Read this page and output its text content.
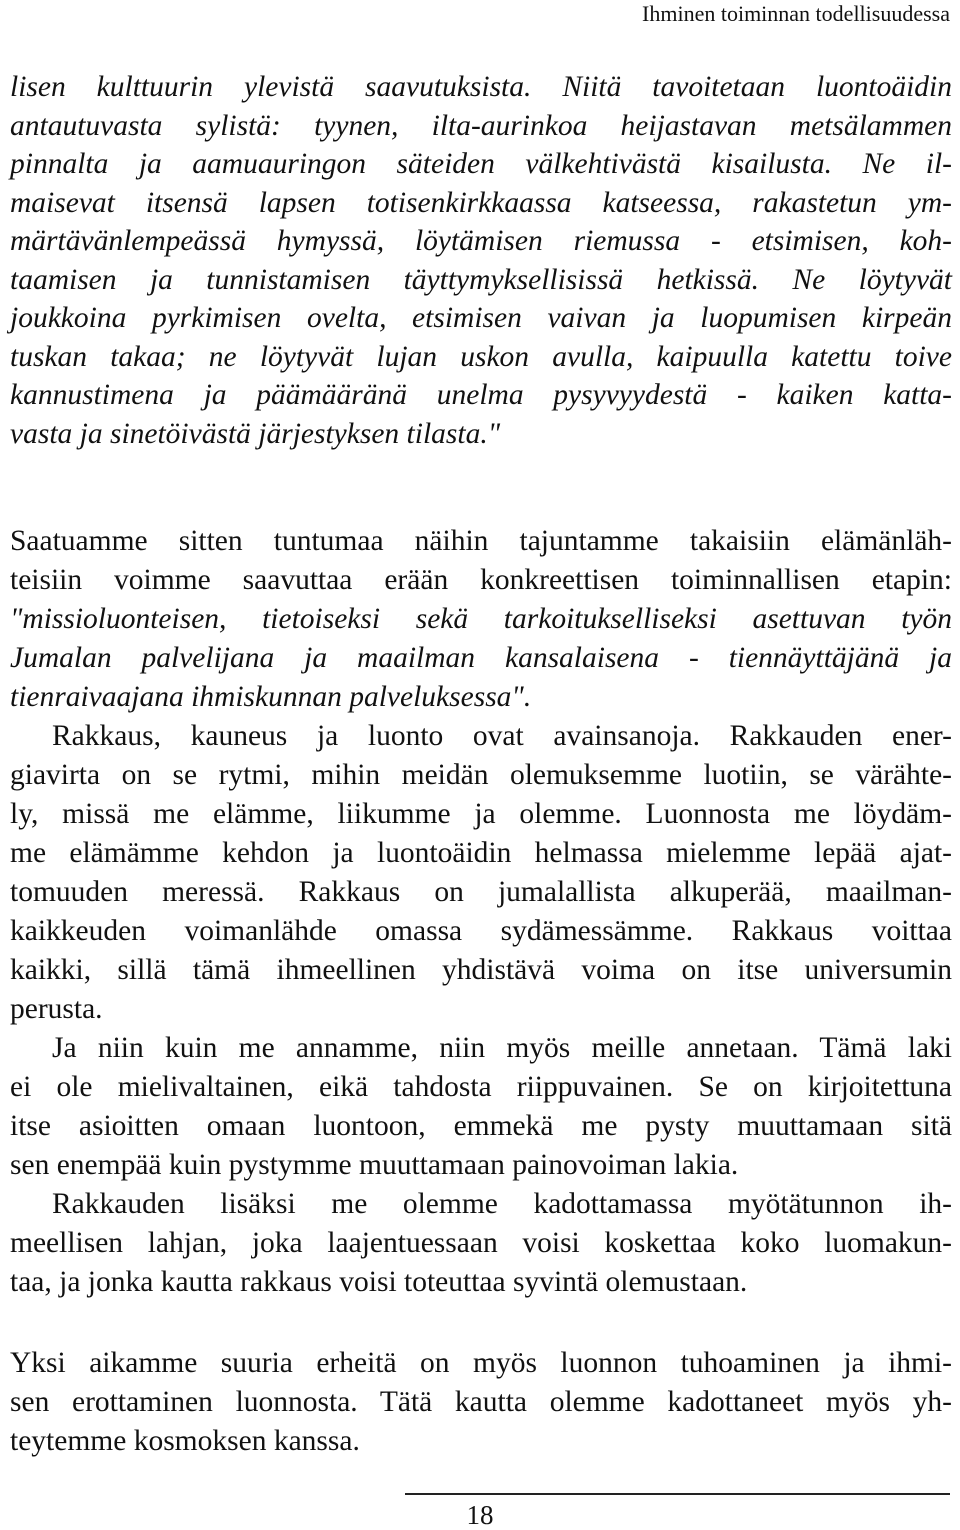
Ihminen toiminnan todellisuudessa
lisen kulttuurin ylevistä saavutuksista. Niitä tavoitetaan luontoäidin
antautuvasta sylistä: tyynen, ilta-aurinkoa heijastavan metsälammen
pinnalta ja aamuauringon säteiden välkehtivästä kisailusta. Ne il-
maisevat itsensä lapsen totisenkirkkaassa katseessa, rakastetun ym-
märtävänlempeässä hymyssä, löytämisen riemussa - etsimisen, koh-
taamisen ja tunnistamisen täyttymyksellisissä hetkissä. Ne löytyvät
joukkoina pyrkimisen ovelta, etsimisen vaivan ja luopumisen kirpeän
tuskan takaa; ne löytyvät lujan uskon avulla, kaipuulla katettu toive
kannustimena ja päämääränä unelma pysyvyydestä - kaiken katta-
vasta ja sinetöivästä järjestyksen tilasta."
Saatuamme sitten tuntumaa näihin tajuntamme takaisiin elämänläh-
teisiin voimme saavuttaa erään konkreettisen toiminnallisen etapin:
"missioluonteisen, tietoiseksi sekä tarkoitukselliseksi asettuvan työn
Jumalan palvelijana ja maailman kansalaisena - tiennäyttäjänä ja
tienraivaajana ihmiskunnan palveluksessa".
Rakkaus, kauneus ja luonto ovat avainsanoja. Rakkauden ener-
giavirta on se rytmi, mihin meidän olemuksemme luotiin, se värähte-
ly, missä me elämme, liikumme ja olemme. Luonnosta me löydäm-
me elämämme kehdon ja luontoäidin helmassa mielemme lepää ajat-
tomuuden meressä. Rakkaus on jumalallista alkuperää, maailman-
kaikkeuden voimanlähde omassa sydämessämme. Rakkaus voittaa
kaikki, sillä tämä ihmeellinen yhdistävä voima on itse universumin
perusta.
Ja niin kuin me annamme, niin myös meille annetaan. Tämä laki
ei ole mielivaltainen, eikä tahdosta riippuvainen. Se on kirjoitettuna
itse asioitten omaan luontoon, emmekä me pysty muuttamaan sitä
sen enempää kuin pystymme muuttamaan painovoiman lakia.
Rakkauden lisäksi me olemme kadottamassa myötätunnon ih-
meellisen lahjan, joka laajentuessaan voisi koskettaa koko luomakun-
taa, ja jonka kautta rakkaus voisi toteuttaa syvintä olemustaan.
Yksi aikamme suuria erheitä on myös luonnon tuhoaminen ja ihmi-
sen erottaminen luonnosta. Tätä kautta olemme kadottaneet myös yh-
teytemme kosmoksen kanssa.
18
